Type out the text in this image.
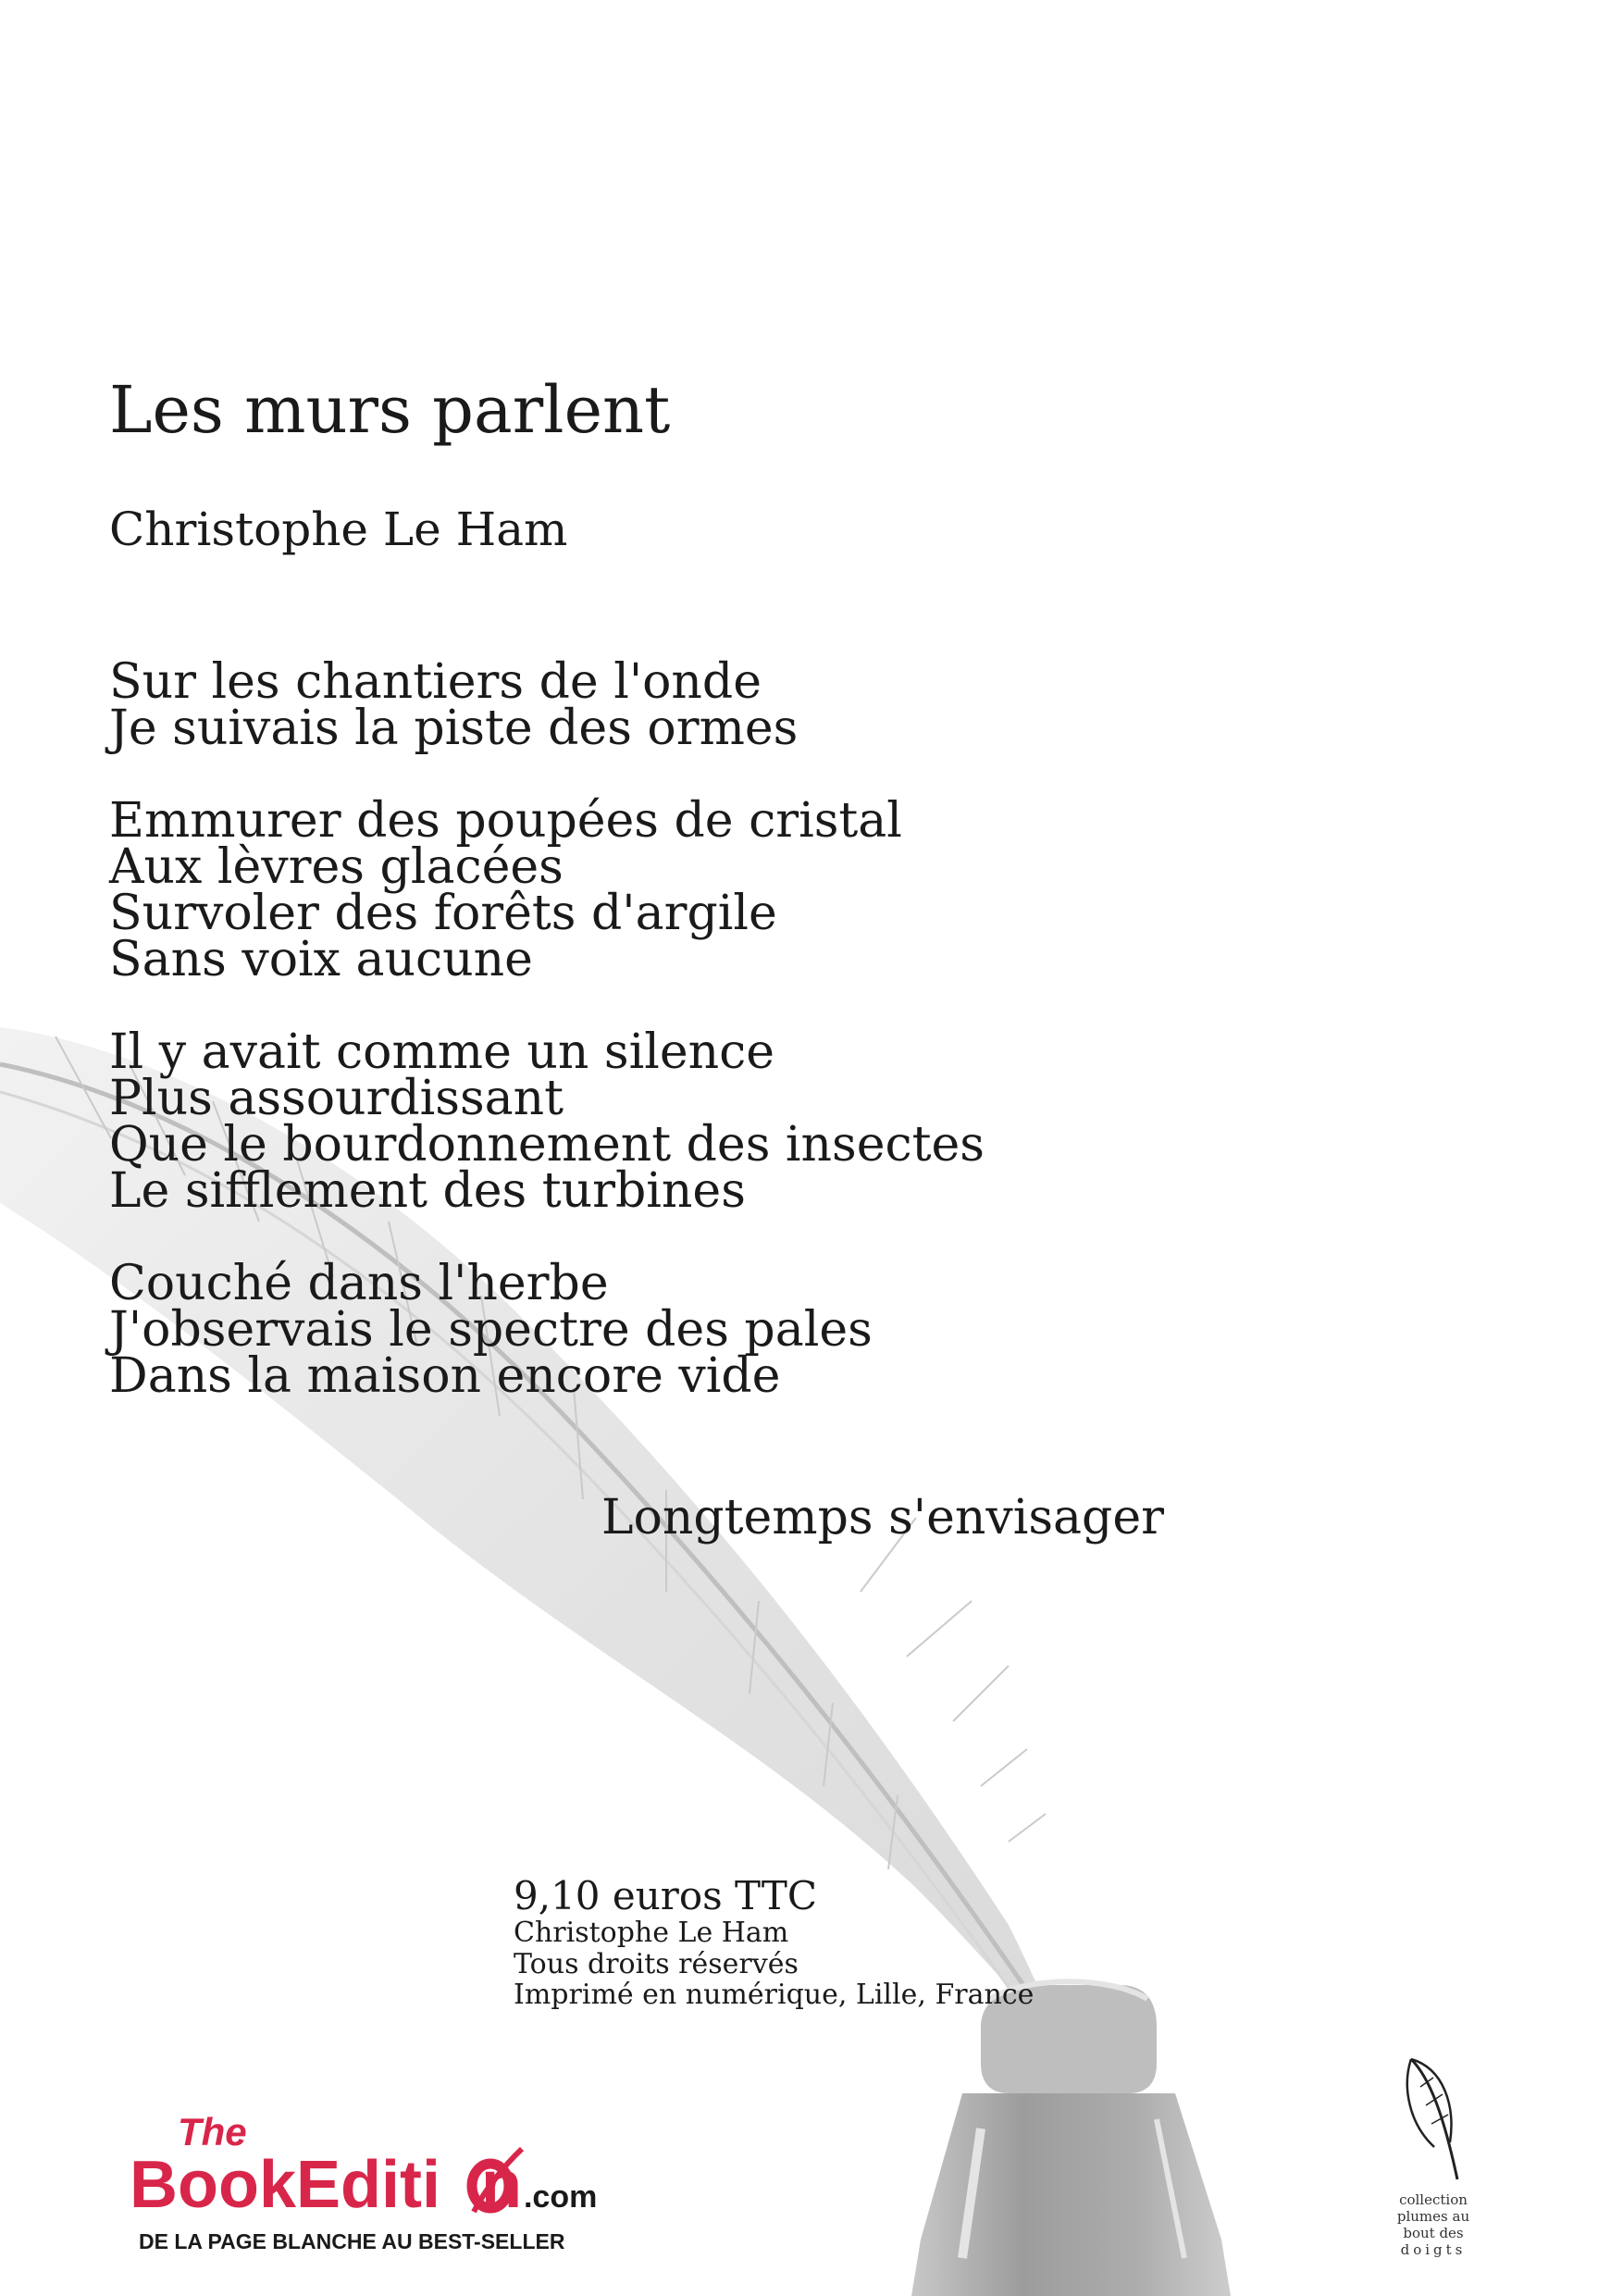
Les murs parlent
Christophe Le Ham
Sur les chantiers de l'onde
Je suivais la piste des ormes
Emmurer des poupées de cristal
Aux lèvres glacées
Survoler des forêts d'argile
Sans voix aucune
Il y avait comme un silence
Plus assourdissant
Que le bourdonnement des insectes
Le sifflement des turbines
Couché dans l'herbe
J'observais le spectre des pales
Dans la maison encore vide
Longtemps s'envisager
9,10 euros TTC
Christophe Le Ham
Tous droits réservés
Imprimé en numérique, Lille, France
The
BookEditi n.com
DE LA PAGE BLANCHE AU BEST-SELLER
collection
plumes au
bout des
doigts
